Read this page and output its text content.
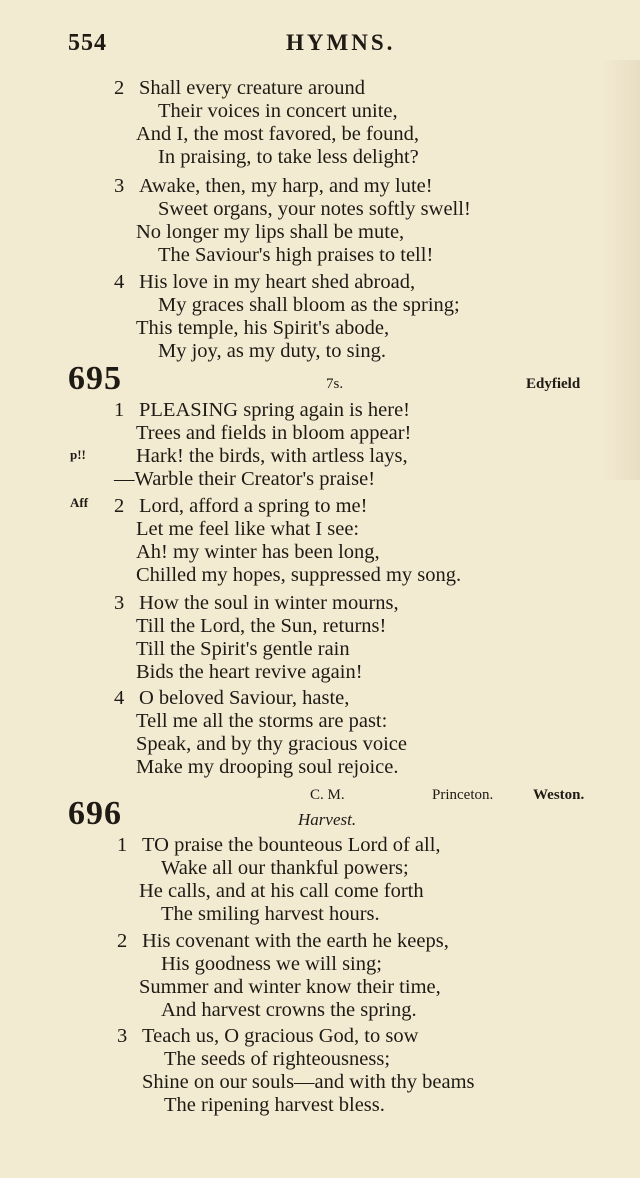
554	HYMNS.
2 Shall every creature around
Their voices in concert unite,
And I, the most favored, be found,
In praising, to take less delight?
3 Awake, then, my harp, and my lute!
Sweet organs, your notes softly swell!
No longer my lips shall be mute,
The Saviour's high praises to tell!
4 His love in my heart shed abroad,
My graces shall bloom as the spring;
This temple, his Spirit's abode,
My joy, as my duty, to sing.
695	7s.	Edyfield
1 PLEASING spring again is here!
Trees and fields in bloom appear!
p!! Hark! the birds, with artless lays,
—Warble their Creator's praise!
Aff 2 Lord, afford a spring to me!
Let me feel like what I see:
Ah! my winter has been long,
Chilled my hopes, suppressed my song.
3 How the soul in winter mourns,
Till the Lord, the Sun, returns!
Till the Spirit's gentle rain
Bids the heart revive again!
4 O beloved Saviour, haste,
Tell me all the storms are past:
Speak, and by thy gracious voice
Make my drooping soul rejoice.
696	C. M.	Princeton.	Weston.
Harvest.
1 TO praise the bounteous Lord of all,
Wake all our thankful powers;
He calls, and at his call come forth
The smiling harvest hours.
2 His covenant with the earth he keeps,
His goodness we will sing;
Summer and winter know their time,
And harvest crowns the spring.
3 Teach us, O gracious God, to sow
The seeds of righteousness;
Shine on our souls—and with thy beams
The ripening harvest bless.
